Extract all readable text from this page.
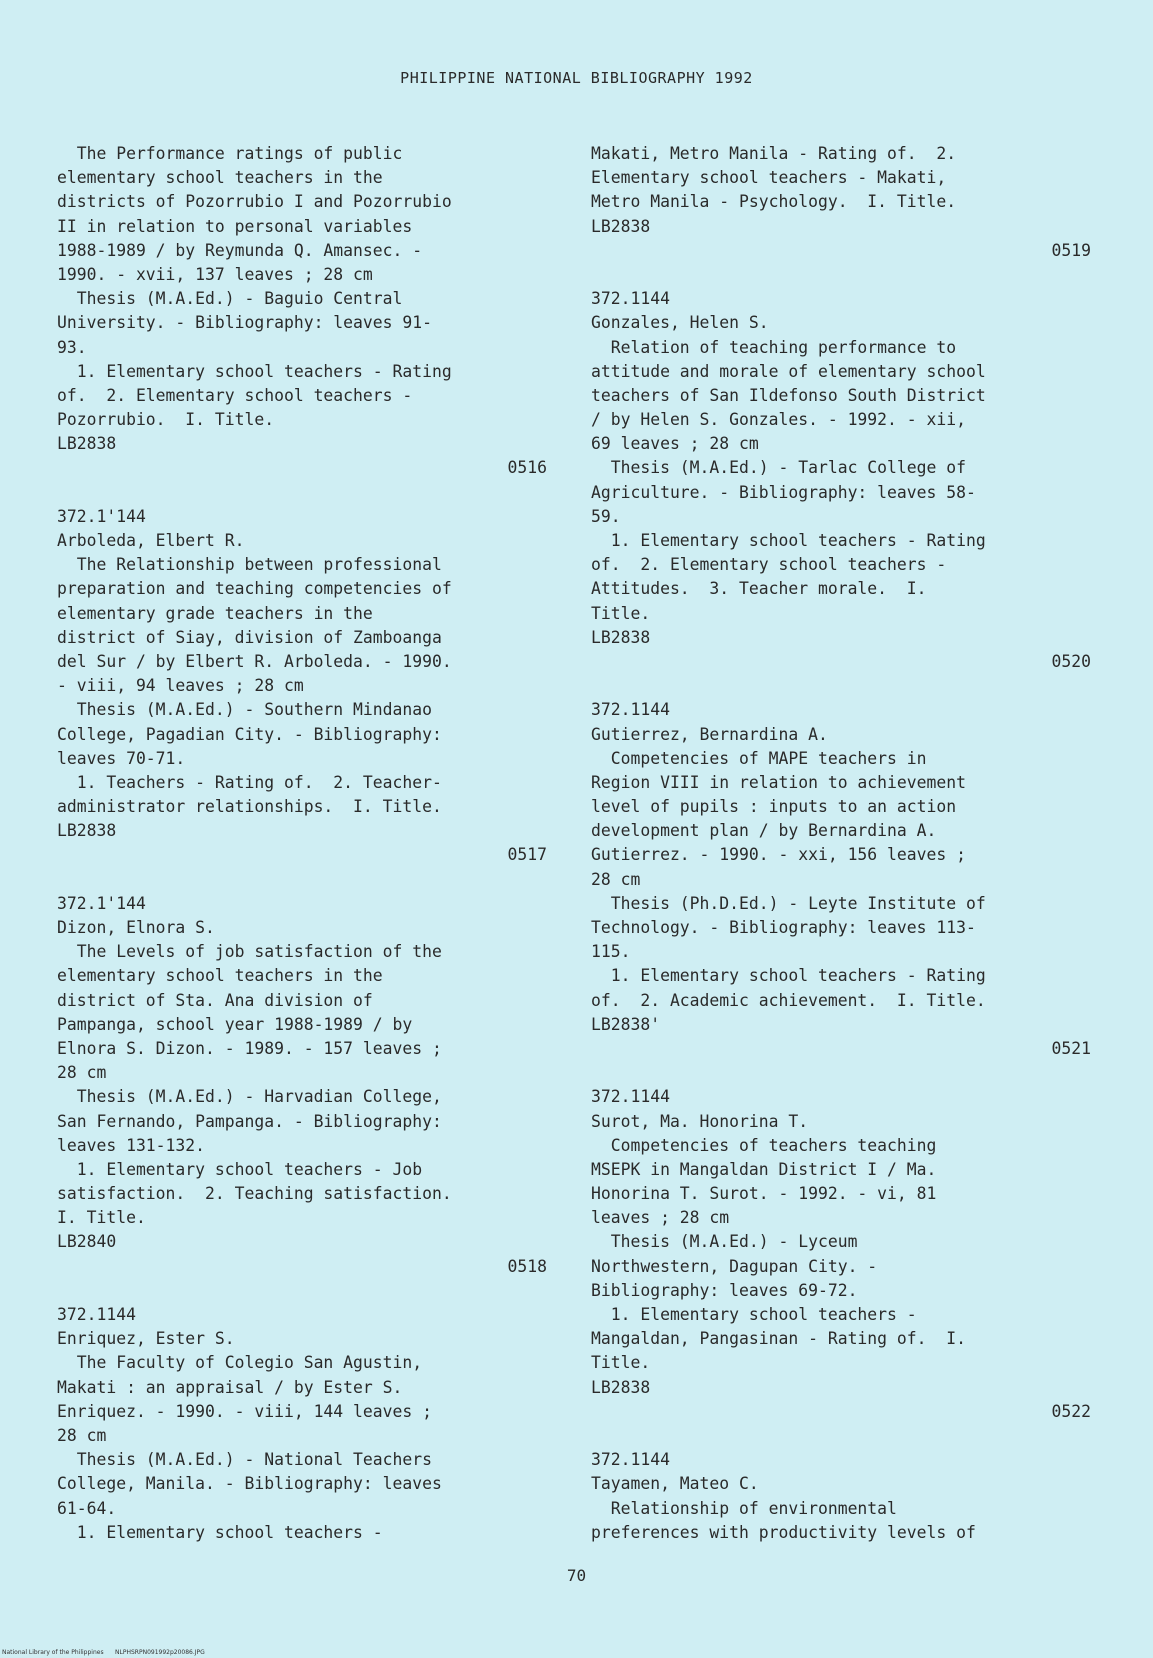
PHILIPPINE NATIONAL BIBLIOGRAPHY 1992
The Performance ratings of public
elementary school teachers in the
districts of Pozorrubio I and Pozorrubio
II in relation to personal variables
1988-1989 / by Reymunda Q. Amansec. -
1990. - xvii, 137 leaves ; 28 cm
Thesis (M.A.Ed.) - Baguio Central
University. - Bibliography: leaves 91-
93.
1. Elementary school teachers - Rating
of.  2. Elementary school teachers -
Pozorrubio.  I. Title.
LB2838
0516
372.1'144
Arboleda, Elbert R.
The Relationship between professional
preparation and teaching competencies of
elementary grade teachers in the
district of Siay, division of Zamboanga
del Sur / by Elbert R. Arboleda. - 1990.
- viii, 94 leaves ; 28 cm
Thesis (M.A.Ed.) - Southern Mindanao
College, Pagadian City. - Bibliography:
leaves 70-71.
1. Teachers - Rating of.  2. Teacher-
administrator relationships.  I. Title.
LB2838
0517
372.1'144
Dizon, Elnora S.
The Levels of job satisfaction of the
elementary school teachers in the
district of Sta. Ana division of
Pampanga, school year 1988-1989 / by
Elnora S. Dizon. - 1989. - 157 leaves ;
28 cm
Thesis (M.A.Ed.) - Harvadian College,
San Fernando, Pampanga. - Bibliography:
leaves 131-132.
1. Elementary school teachers - Job
satisfaction.  2. Teaching satisfaction.
I. Title.
LB2840
0518
372.1144
Enriquez, Ester S.
The Faculty of Colegio San Agustin,
Makati : an appraisal / by Ester S.
Enriquez. - 1990. - viii, 144 leaves ;
28 cm
Thesis (M.A.Ed.) - National Teachers
College, Manila. - Bibliography: leaves
61-64.
1. Elementary school teachers -
Makati, Metro Manila - Rating of.  2.
Elementary school teachers - Makati,
Metro Manila - Psychology.  I. Title.
LB2838
0519
372.1144
Gonzales, Helen S.
Relation of teaching performance to
attitude and morale of elementary school
teachers of San Ildefonso South District
/ by Helen S. Gonzales. - 1992. - xii,
69 leaves ; 28 cm
Thesis (M.A.Ed.) - Tarlac College of
Agriculture. - Bibliography: leaves 58-
59.
1. Elementary school teachers - Rating
of.  2. Elementary school teachers -
Attitudes.  3. Teacher morale.  I.
Title.
LB2838
0520
372.1144
Gutierrez, Bernardina A.
Competencies of MAPE teachers in
Region VIII in relation to achievement
level of pupils : inputs to an action
development plan / by Bernardina A.
Gutierrez. - 1990. - xxi, 156 leaves ;
28 cm
Thesis (Ph.D.Ed.) - Leyte Institute of
Technology. - Bibliography: leaves 113-
115.
1. Elementary school teachers - Rating
of.  2. Academic achievement.  I. Title.
LB2838'
0521
372.1144
Surot, Ma. Honorina T.
Competencies of teachers teaching
MSEPK in Mangaldan District I / Ma.
Honorina T. Surot. - 1992. - vi, 81
leaves ; 28 cm
Thesis (M.A.Ed.) - Lyceum
Northwestern, Dagupan City. -
Bibliography: leaves 69-72.
1. Elementary school teachers -
Mangaldan, Pangasinan - Rating of.  I.
Title.
LB2838
0522
372.1144
Tayamen, Mateo C.
Relationship of environmental
preferences with productivity levels of
70
National Library of the Philippines NLPHSRPN091992p20086.JPG
